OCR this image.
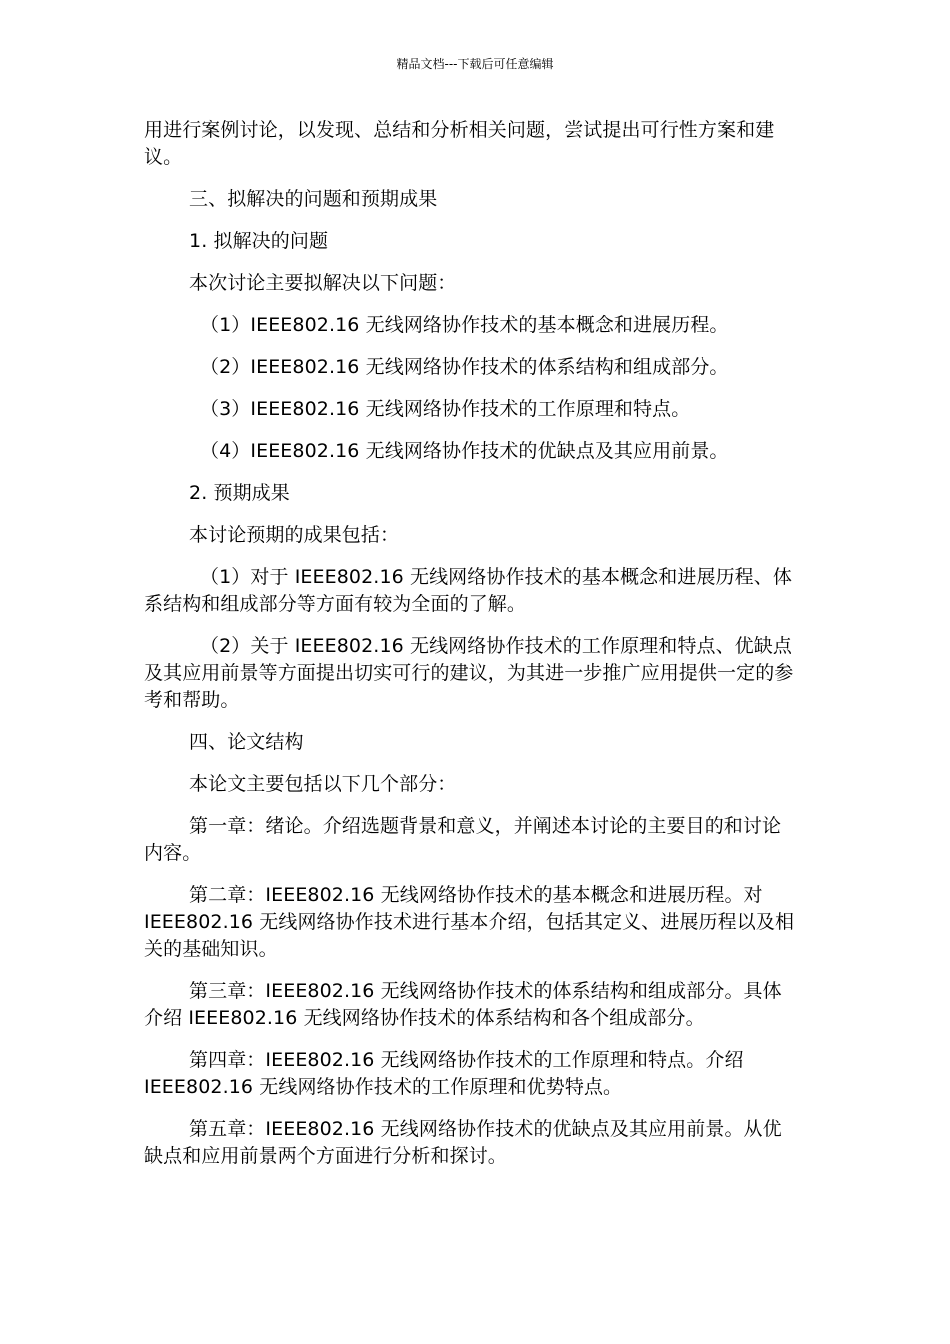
精品文档---下载后可任意编辑

用进行案例讨论，以发现、总结和分析相关问题，尝试提出可行性方案和建议。

三、拟解决的问题和预期成果

1. 拟解决的问题

本次讨论主要拟解决以下问题：

（1）IEEE802.16 无线网络协作技术的基本概念和进展历程。

（2）IEEE802.16 无线网络协作技术的体系结构和组成部分。

（3）IEEE802.16 无线网络协作技术的工作原理和特点。

（4）IEEE802.16 无线网络协作技术的优缺点及其应用前景。

2. 预期成果

本讨论预期的成果包括：

（1）对于 IEEE802.16 无线网络协作技术的基本概念和进展历程、体系结构和组成部分等方面有较为全面的了解。

（2）关于 IEEE802.16 无线网络协作技术的工作原理和特点、优缺点及其应用前景等方面提出切实可行的建议，为其进一步推广应用提供一定的参考和帮助。

四、论文结构

本论文主要包括以下几个部分：

第一章：绪论。介绍选题背景和意义，并阐述本讨论的主要目的和讨论内容。

第二章：IEEE802.16 无线网络协作技术的基本概念和进展历程。对 IEEE802.16 无线网络协作技术进行基本介绍，包括其定义、进展历程以及相关的基础知识。

第三章：IEEE802.16 无线网络协作技术的体系结构和组成部分。具体介绍 IEEE802.16 无线网络协作技术的体系结构和各个组成部分。

第四章：IEEE802.16 无线网络协作技术的工作原理和特点。介绍 IEEE802.16 无线网络协作技术的工作原理和优势特点。

第五章：IEEE802.16 无线网络协作技术的优缺点及其应用前景。从优缺点和应用前景两个方面进行分析和探讨。
